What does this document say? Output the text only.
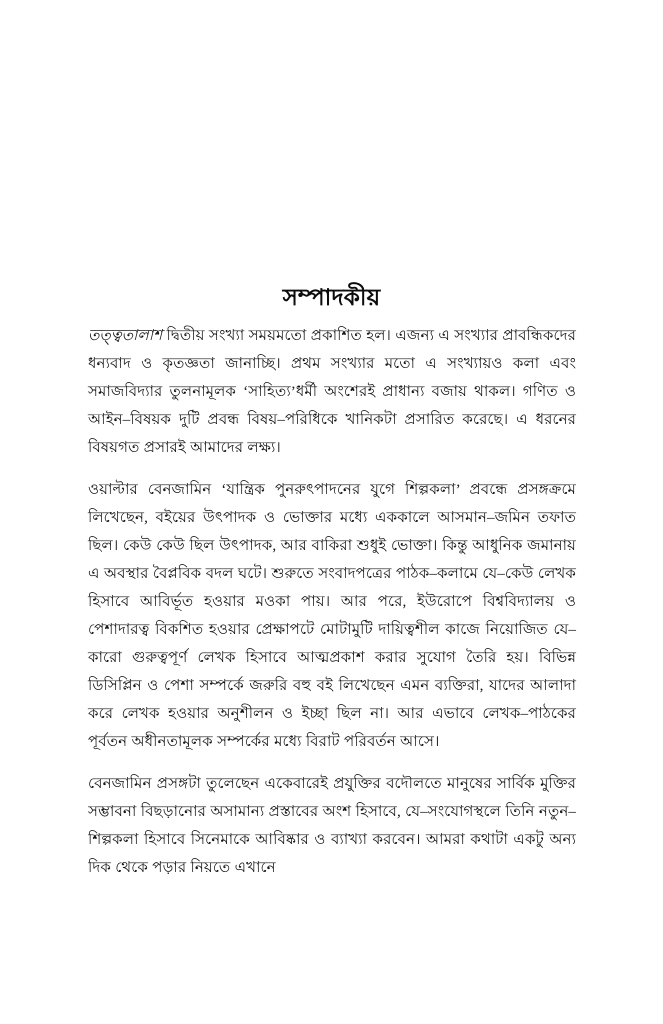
সম্পাদকীয়

তত্ত্বতালাশ দ্বিতীয় সংখ্যা সময়মতো প্রকাশিত হল। এজন্য এ সংখ্যার প্রাবন্ধিকদের ধন্যবাদ ও কৃতজ্ঞতা জানাচ্ছি। প্রথম সংখ্যার মতো এ সংখ্যায়ও কলা এবং সমাজবিদ্যার তুলনামূলক ‘সাহিত্য’ধর্মী অংশেরই প্রাধান্য বজায় থাকল। গণিত ও আইন–বিষয়ক দুটি প্রবন্ধ বিষয়–পরিধিকে খানিকটা প্রসারিত করেছে। এ ধরনের বিষয়গত প্রসারই আমাদের লক্ষ্য।

ওয়াল্টার বেনজামিন ‘যান্ত্রিক পুনরুৎপাদনের যুগে শিল্পকলা’ প্রবন্ধে প্রসঙ্গক্রমে লিখেছেন, বইয়ের উৎপাদক ও ভোক্তার মধ্যে এককালে আসমান–জমিন তফাত ছিল। কেউ কেউ ছিল উৎপাদক, আর বাকিরা শুধুই ভোক্তা। কিন্তু আধুনিক জমানায় এ অবস্থার বৈপ্লবিক বদল ঘটে। শুরুতে সংবাদপত্রের পাঠক–কলামে যে–কেউ লেখক হিসাবে আবির্ভূত হওয়ার মওকা পায়। আর পরে, ইউরোপে বিশ্ববিদ্যালয় ও পেশাদারত্ব বিকশিত হওয়ার প্রেক্ষাপটে মোটামুটি দায়িত্বশীল কাজে নিয়োজিত যে–কারো গুরুত্বপূর্ণ লেখক হিসাবে আত্মপ্রকাশ করার সুযোগ তৈরি হয়। বিভিন্ন ডিসিপ্লিন ও পেশা সম্পর্কে জরুরি বহু বই লিখেছেন এমন ব্যক্তিরা, যাদের আলাদা করে লেখক হওয়ার অনুশীলন ও ইচ্ছা ছিল না। আর এভাবে লেখক–পাঠকের পূর্বতন অধীনতামূলক সম্পর্কের মধ্যে বিরাট পরিবর্তন আসে।

বেনজামিন প্রসঙ্গটা তুলেছেন একেবারেই প্রযুক্তির বদৌলতে মানুষের সার্বিক মুক্তির সম্ভাবনা বিছড়ানোর অসামান্য প্রস্তাবের অংশ হিসাবে, যে–সংযোগস্থলে তিনি নতুন–শিল্পকলা হিসাবে সিনেমাকে আবিষ্কার ও ব্যাখ্যা করবেন। আমরা কথাটা একটু অন্য দিক থেকে পড়ার নিয়তে এখানে
